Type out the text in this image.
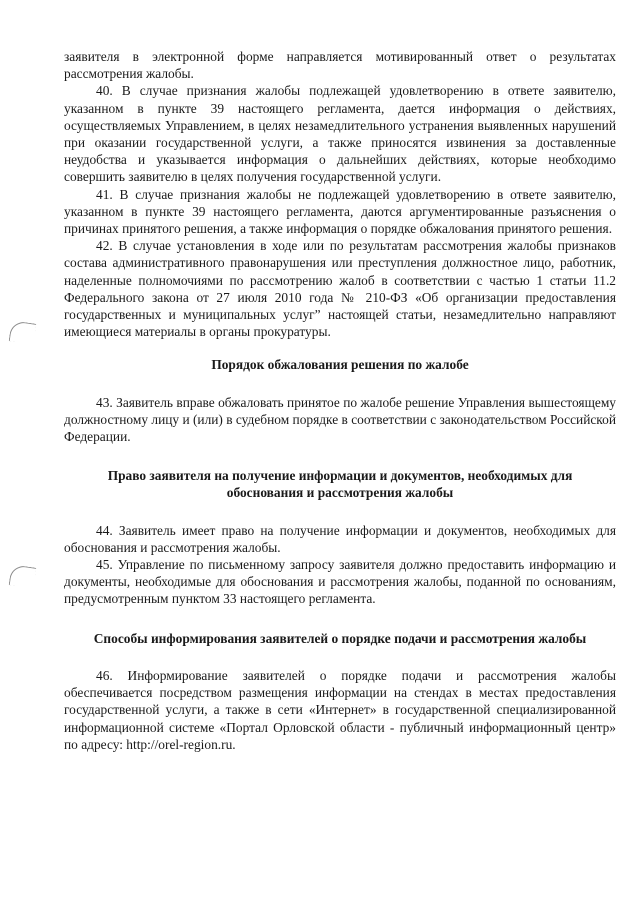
заявителя в электронной форме направляется мотивированный ответ о результатах рассмотрения жалобы.

40. В случае признания жалобы подлежащей удовлетворению в ответе заявителю, указанном в пункте 39 настоящего регламента, дается информация о действиях, осуществляемых Управлением, в целях незамедлительного устранения выявленных нарушений при оказании государственной услуги, а также приносятся извинения за доставленные неудобства и указывается информация о дальнейших действиях, которые необходимо совершить заявителю в целях получения государственной услуги.

41. В случае признания жалобы не подлежащей удовлетворению в ответе заявителю, указанном в пункте 39 настоящего регламента, даются аргументированные разъяснения о причинах принятого решения, а также информация о порядке обжалования принятого решения.

42. В случае установления в ходе или по результатам рассмотрения жалобы признаков состава административного правонарушения или преступления должностное лицо, работник, наделенные полномочиями по рассмотрению жалоб в соответствии с частью 1 статьи 11.2 Федерального закона от 27 июля 2010 года № 210-ФЗ «Об организации предоставления государственных и муниципальных услуг” настоящей статьи, незамедлительно направляют имеющиеся материалы в органы прокуратуры.

Порядок обжалования решения по жалобе

43. Заявитель вправе обжаловать принятое по жалобе решение Управления вышестоящему должностному лицу и (или) в судебном порядке в соответствии с законодательством Российской Федерации.

Право заявителя на получение информации и документов, необходимых для обоснования и рассмотрения жалобы

44. Заявитель имеет право на получение информации и документов, необходимых для обоснования и рассмотрения жалобы.

45. Управление по письменному запросу заявителя должно предоставить информацию и документы, необходимые для обоснования и рассмотрения жалобы, поданной по основаниям, предусмотренным пунктом 33 настоящего регламента.

Способы информирования заявителей о порядке подачи и рассмотрения жалобы

46. Информирование заявителей о порядке подачи и рассмотрения жалобы обеспечивается посредством размещения информации на стендах в местах предоставления государственной услуги, а также в сети «Интернет» в государственной специализированной информационной системе «Портал Орловской области - публичный информационный центр» по адресу: http://orel-region.ru.
